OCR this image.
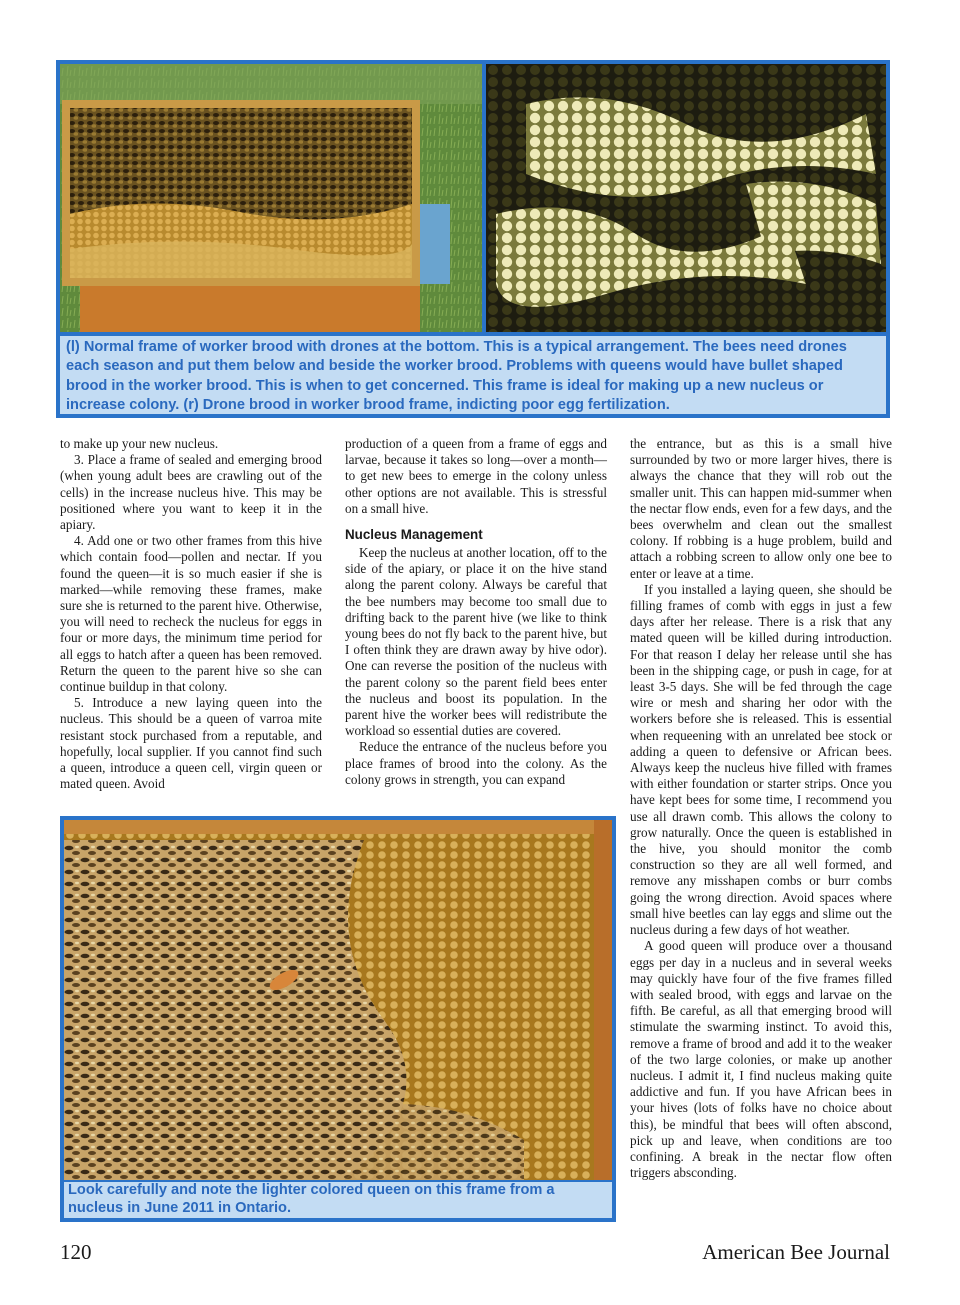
(l) Normal frame of worker brood with drones at the bottom. This is a typical arrangement. The bees need drones each season and put them below and beside the worker brood. Problems with queens would have bullet shaped brood in the worker brood. This is when to get concerned. This frame is ideal for making up a new nucleus or increase colony. (r) Drone brood in worker brood frame, indicting poor egg fertilization.

to make up your new nucleus.

3. Place a frame of sealed and emerging brood (when young adult bees are crawling out of the cells) in the increase nucleus hive. This may be positioned where you want to keep it in the apiary.

4. Add one or two other frames from this hive which contain food—pollen and nectar. If you found the queen—it is so much easier if she is marked—while removing these frames, make sure she is returned to the parent hive. Otherwise, you will need to recheck the nucleus for eggs in four or more days, the minimum time period for all eggs to hatch after a queen has been removed. Return the queen to the parent hive so she can continue buildup in that colony.

5. Introduce a new laying queen into the nucleus. This should be a queen of varroa mite resistant stock purchased from a reputable, and hopefully, local supplier. If you cannot find such a queen, introduce a queen cell, virgin queen or mated queen. Avoid

production of a queen from a frame of eggs and larvae, because it takes so long—over a month—to get new bees to emerge in the colony unless other options are not available. This is stressful on a small hive.

Nucleus Management

Keep the nucleus at another location, off to the side of the apiary, or place it on the hive stand along the parent colony. Always be careful that the bee numbers may become too small due to drifting back to the parent hive (we like to think young bees do not fly back to the parent hive, but I often think they are drawn away by hive odor). One can reverse the position of the nucleus with the parent colony so the parent field bees enter the nucleus and boost its population. In the parent hive the worker bees will redistribute the workload so essential duties are covered.

Reduce the entrance of the nucleus before you place frames of brood into the colony. As the colony grows in strength, you can expand

Look carefully and note the lighter colored queen on this frame from a nucleus in June 2011 in Ontario.

the entrance, but as this is a small hive surrounded by two or more larger hives, there is always the chance that they will rob out the smaller unit. This can happen mid-summer when the nectar flow ends, even for a few days, and the bees overwhelm and clean out the smallest colony. If robbing is a huge problem, build and attach a robbing screen to allow only one bee to enter or leave at a time.

If you installed a laying queen, she should be filling frames of comb with eggs in just a few days after her release. There is a risk that any mated queen will be killed during introduction. For that reason I delay her release until she has been in the shipping cage, or push in cage, for at least 3-5 days. She will be fed through the cage wire or mesh and sharing her odor with the workers before she is released. This is essential when requeening with an unrelated bee stock or adding a queen to defensive or African bees. Always keep the nucleus hive filled with frames with either foundation or starter strips. Once you have kept bees for some time, I recommend you use all drawn comb. This allows the colony to grow naturally. Once the queen is established in the hive, you should monitor the comb construction so they are all well formed, and remove any misshapen combs or burr combs going the wrong direction. Avoid spaces where small hive beetles can lay eggs and slime out the nucleus during a few days of hot weather.

A good queen will produce over a thousand eggs per day in a nucleus and in several weeks may quickly have four of the five frames filled with sealed brood, with eggs and larvae on the fifth. Be careful, as all that emerging brood will stimulate the swarming instinct. To avoid this, remove a frame of brood and add it to the weaker of the two large colonies, or make up another nucleus. I admit it, I find nucleus making quite addictive and fun. If you have African bees in your hives (lots of folks have no choice about this), be mindful that bees will often abscond, pick up and leave, when conditions are too confining. A break in the nectar flow often triggers absconding.

120	American Bee Journal
